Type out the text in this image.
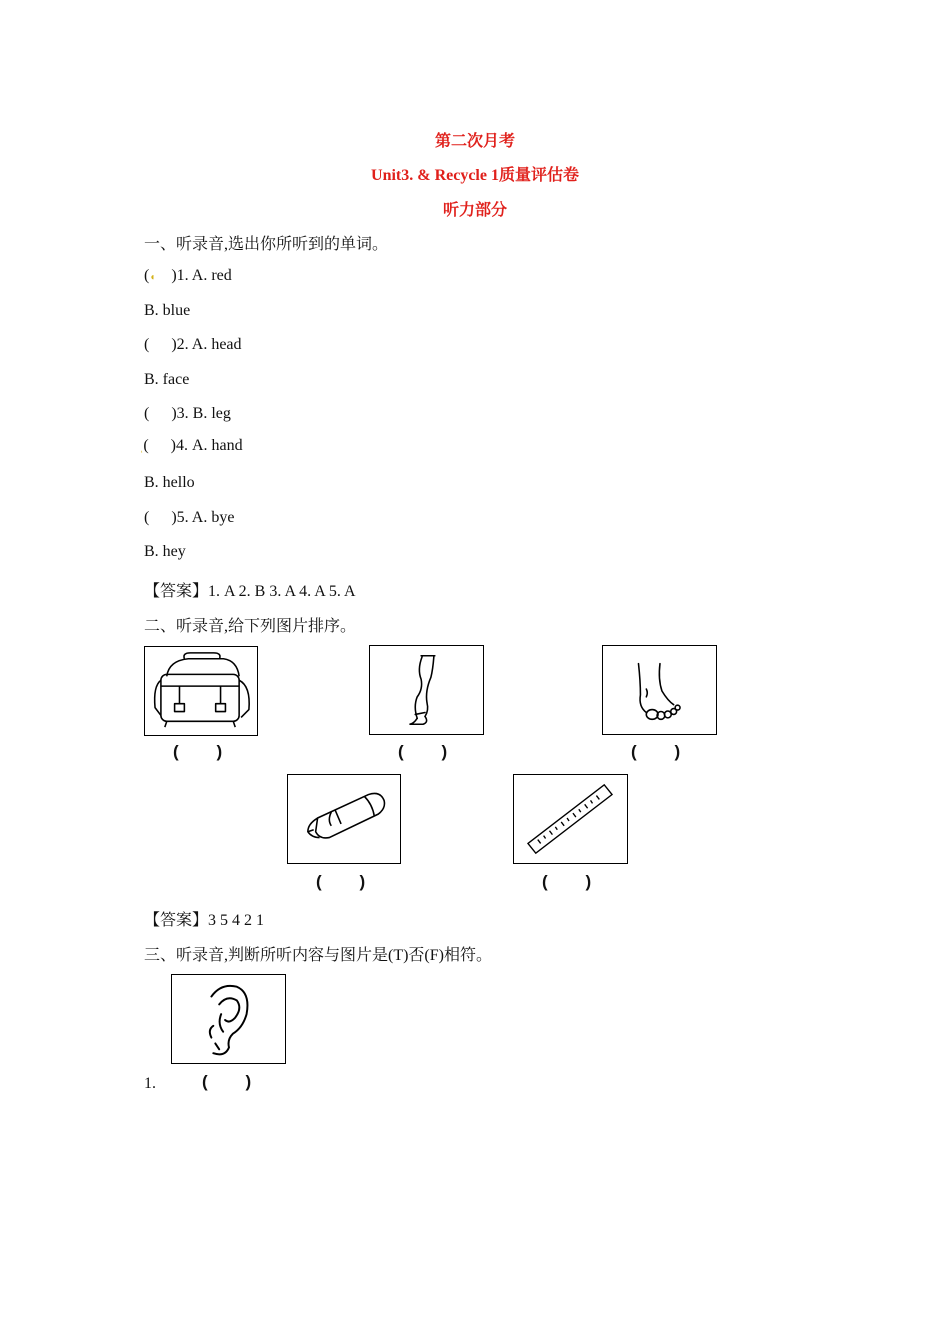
第二次月考
Unit3. & Recycle 1质量评估卷
听力部分
一、听录音,选出你所听到的单词。
(◖ )1. A. red
B. blue
( )2. A. head
B. face
( )3. B. leg
ͺ( )4. A. hand
B. hello
( )5. A. bye
B. hey
【答案】1. A 2. B 3. A 4. A 5. A
二、听录音,给下列图片排序。
(        )	(        )	(        )
(        )	(        )
【答案】3 5 4 2 1
三、听录音,判断所听内容与图片是(T)否(F)相符。
1.	(        )
